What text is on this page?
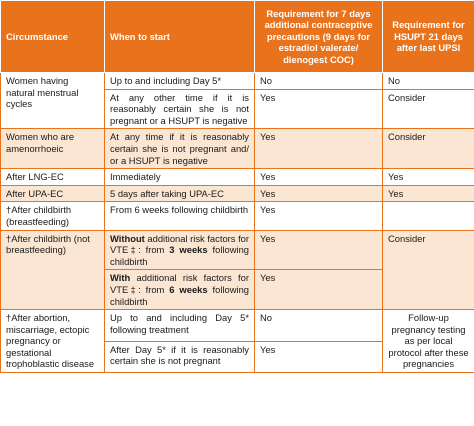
Circumstance	When to start	Requirement for 7 days additional contraceptive precautions (9 days for estradiol valerate/ dienogest COC)	Requirement for HSUPT 21 days after last UPSI
Women having natural menstrual cycles	Up to and including Day 5*	No	No
	At any other time if it is reasonably certain she is not pregnant or a HSUPT is negative	Yes	Consider
Women who are amenorrhoeic	At any time if it is reasonably certain she is not pregnant and/ or a HSUPT is negative	Yes	Consider
After LNG-EC	Immediately	Yes	Yes
After UPA-EC	5 days after taking UPA-EC	Yes	Yes
†After childbirth (breastfeeding)	From 6 weeks following childbirth	Yes	
†After childbirth (not breastfeeding)	Without additional risk factors for VTE‡: from 3 weeks following childbirth	Yes	Consider
	With additional risk factors for VTE‡: from 6 weeks following childbirth	Yes	
†After abortion, miscarriage, ectopic pregnancy or gestational trophoblastic disease	Up to and including Day 5* following treatment	No	Follow-up pregnancy testing as per local protocol after these pregnancies
	After Day 5* if it is reasonably certain she is not pregnant	Yes	
